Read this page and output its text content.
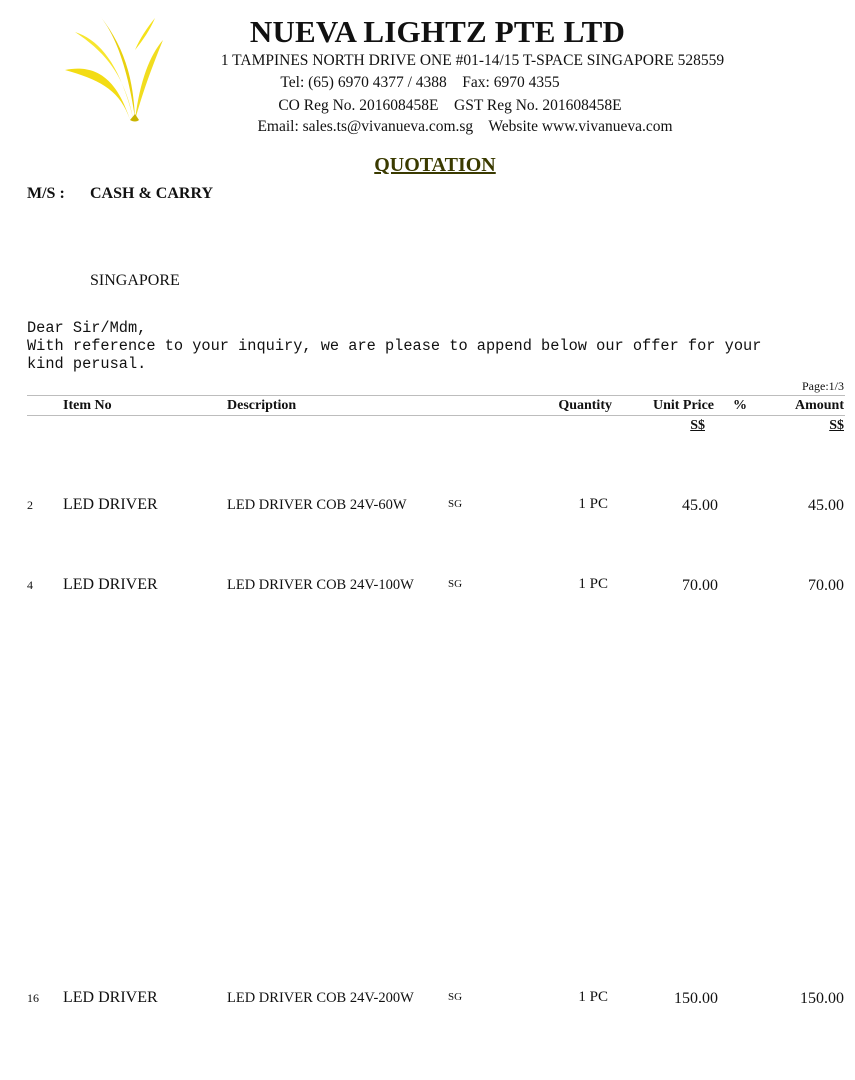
NUEVA LIGHTZ PTE LTD
1 TAMPINES NORTH DRIVE ONE #01-14/15 T-SPACE SINGAPORE 528559
Tel: (65) 6970 4377 / 4388    Fax: 6970 4355
CO Reg No. 201608458E    GST Reg No. 201608458E
Email: sales.ts@vivanueva.com.sg    Website www.vivanueva.com
QUOTATION
M/S : CASH & CARRY
SINGAPORE
Dear Sir/Mdm,
With reference to your inquiry, we are please to append below our offer for your
kind perusal.
Page:1/3
Item No	Description	Quantity	Unit Price %	Amount
S$	S$
2 LED DRIVER	LED DRIVER COB 24V-60W	SG	1 PC	45.00	45.00
4 LED DRIVER	LED DRIVER COB 24V-100W	SG	1 PC	70.00	70.00
16 LED DRIVER	LED DRIVER COB 24V-200W	SG	1 PC	150.00	150.00
